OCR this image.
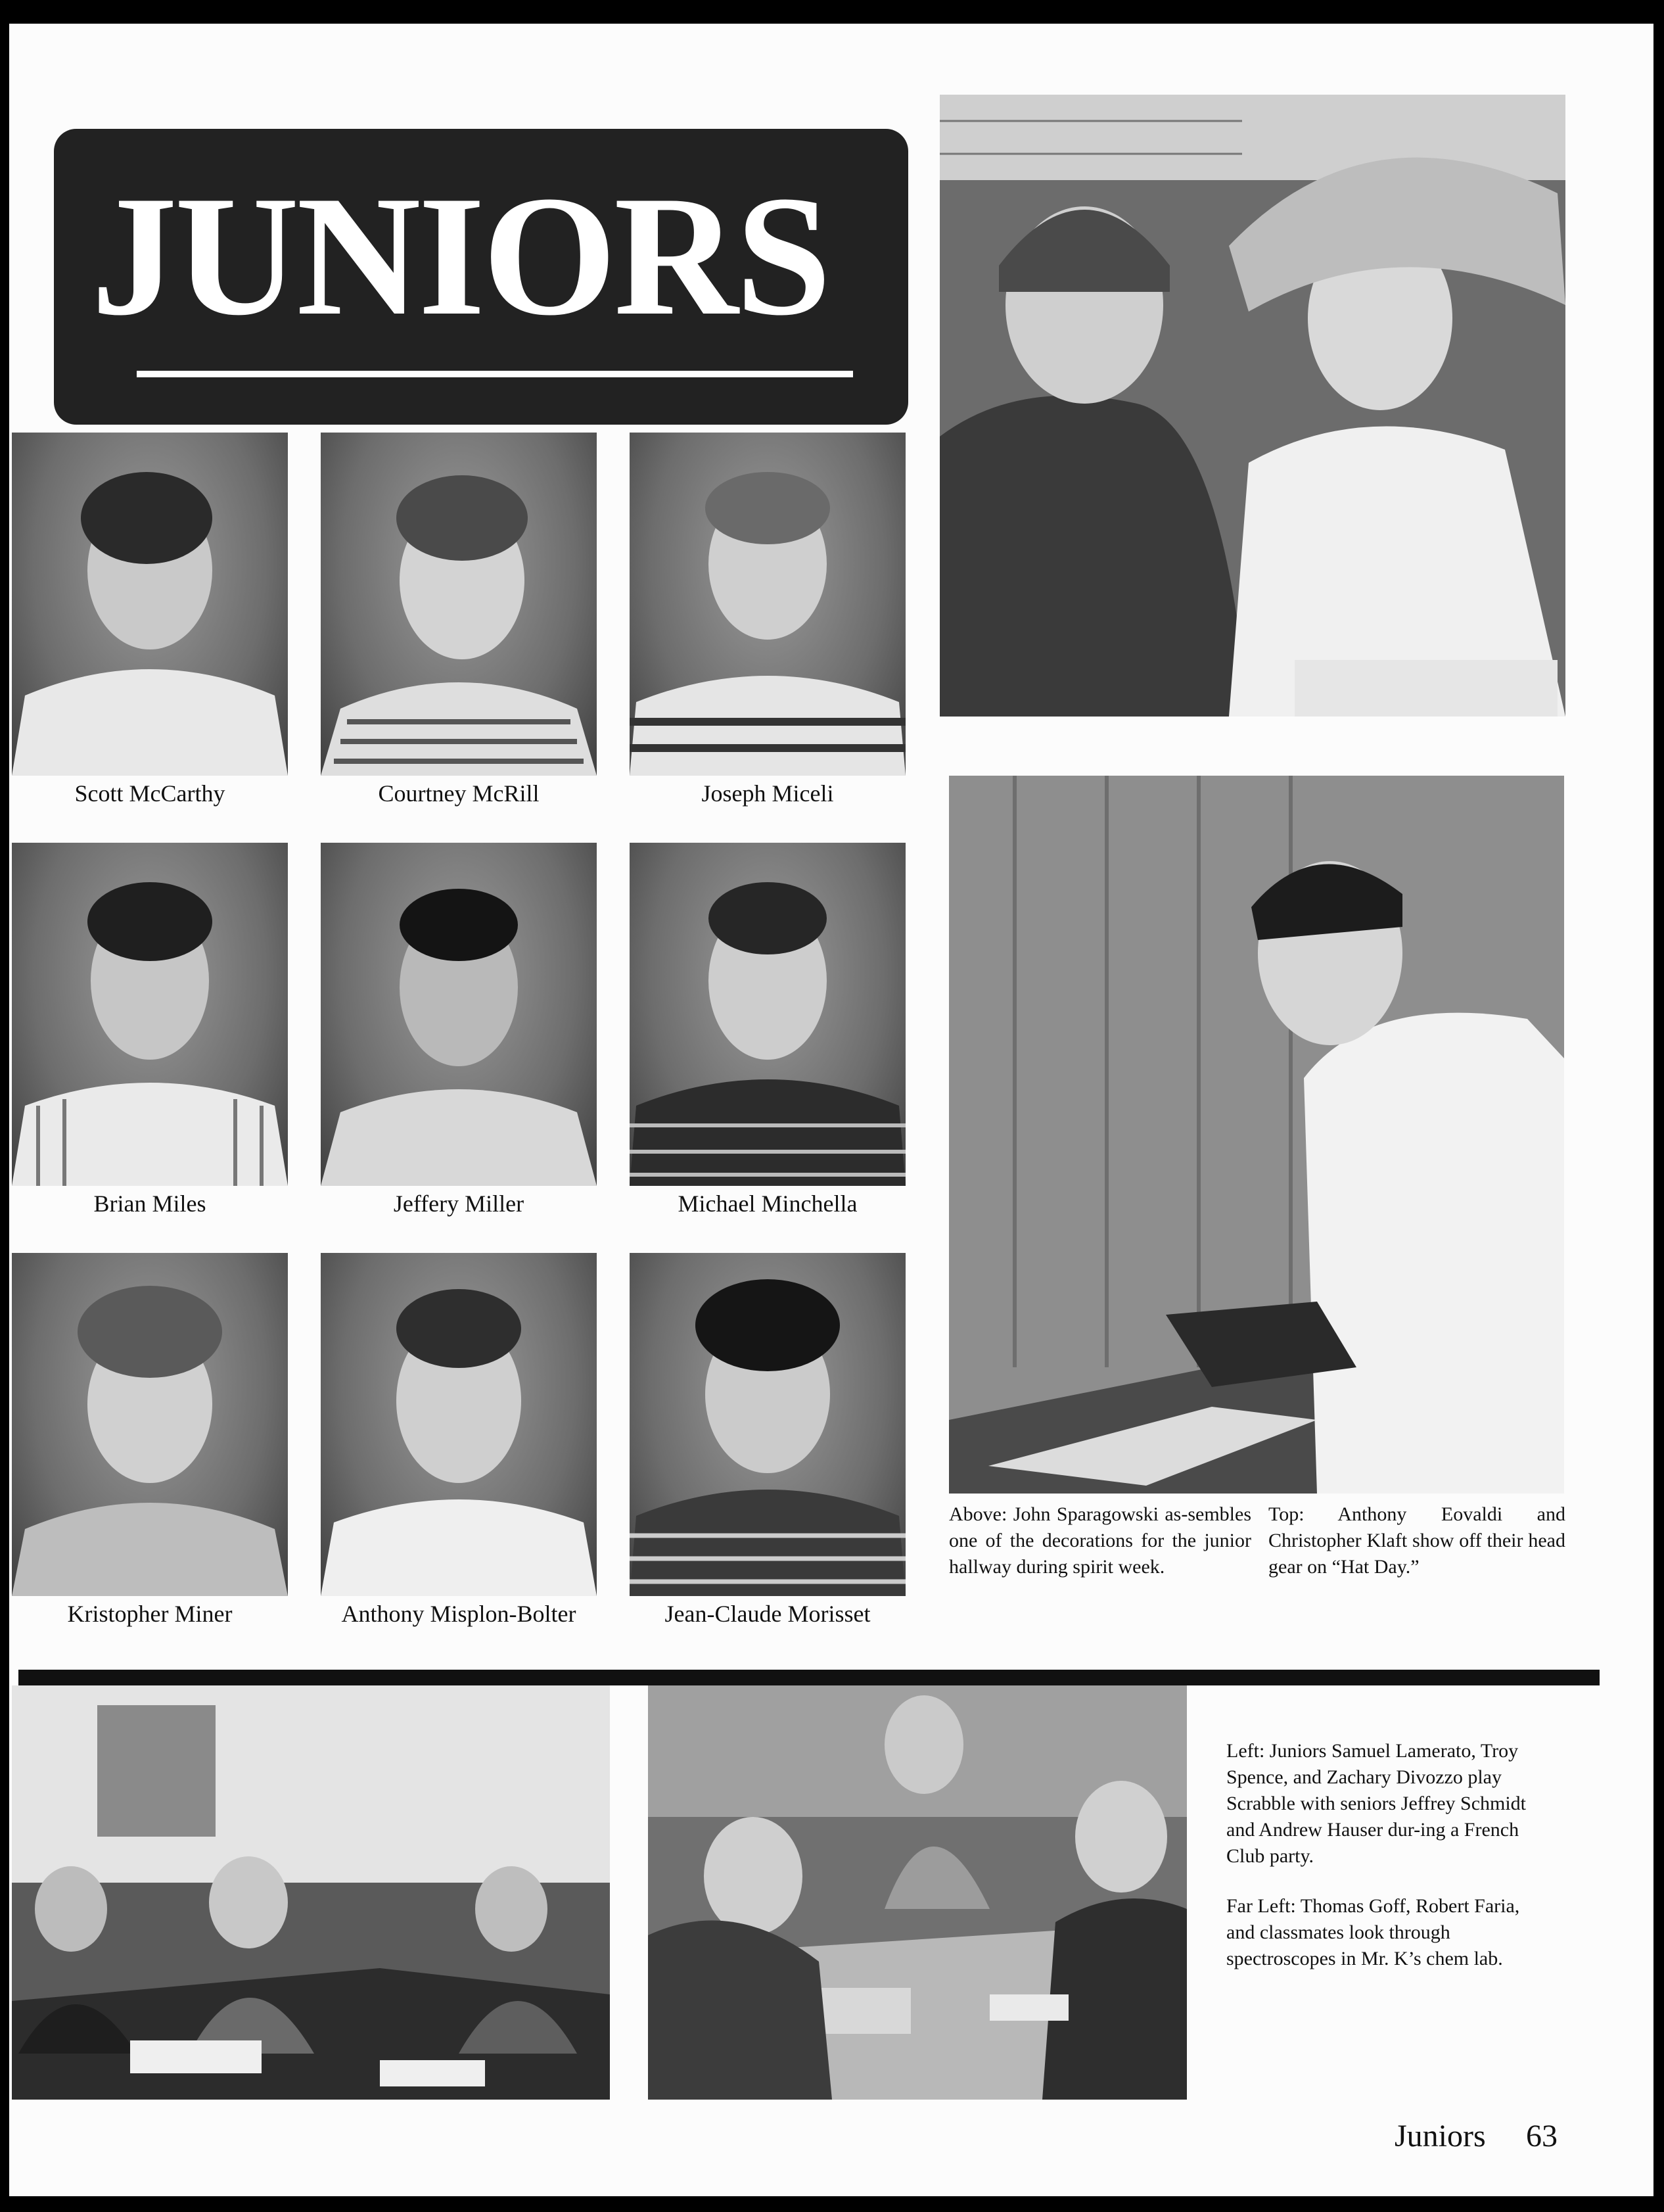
JUNIORS
Scott McCarthy	Courtney McRill	Joseph Miceli
Brian Miles	Jeffery Miller	Michael Minchella
Kristopher Miner	Anthony Misplon-Bolter	Jean-Claude Morisset
Above: John Sparagowski as-sembles one of the decorations for the junior hallway during spirit week.
Top: Anthony Eovaldi and Christopher Klaft show off their head gear on “Hat Day.”
Left: Juniors Samuel Lamerato, Troy Spence, and Zachary Divozzo play Scrabble with seniors Jeffrey Schmidt and Andrew Hauser dur-ing a French Club party.
Far Left: Thomas Goff, Robert Faria, and classmates look through spectroscopes in Mr. K’s chem lab.
Juniors 63
